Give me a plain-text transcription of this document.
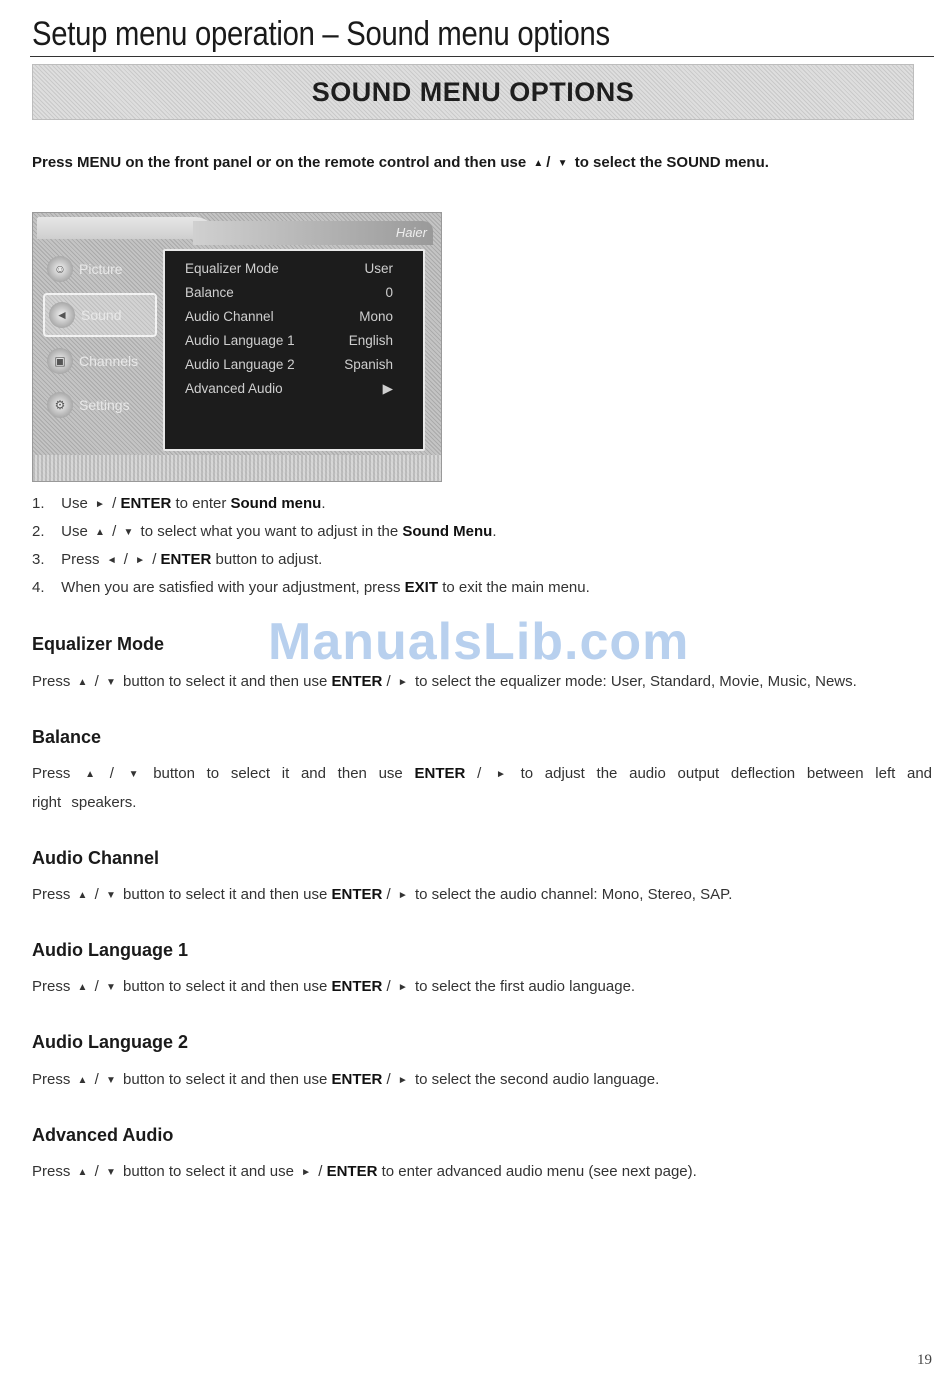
Setup menu operation – Sound menu options
SOUND MENU OPTIONS
Press MENU on the front panel or on the remote control and then use ▲ / ▼ to select the SOUND menu.
Haier
☺ Picture
◄ Sound
▣ Channels
⚙ Settings
Equalizer Mode	User
Balance	0
Audio Channel	Mono
Audio Language 1	English
Audio Language 2	Spanish
Advanced Audio	▶
1. Use ► / ENTER to enter Sound menu.
2. Use ▲ / ▼ to select what you want to adjust in the Sound Menu.
3. Press ◄ / ► / ENTER button to adjust.
4. When you are satisfied with your adjustment, press EXIT to exit the main menu.
ManualsLib.com
Equalizer Mode
Press ▲ / ▼ button to select it and then use ENTER / ► to select the equalizer mode: User, Standard, Movie, Music, News.
Balance
Press ▲ / ▼ button to select it and then use ENTER / ► to adjust the audio output deflection between left and right speakers.
Audio Channel
Press ▲ / ▼ button to select it and then use ENTER / ► to select the audio channel: Mono, Stereo, SAP.
Audio Language 1
Press ▲ / ▼ button to select it and then use ENTER / ► to select the first audio language.
Audio Language 2
Press ▲ / ▼ button to select it and then use ENTER / ► to select the second audio language.
Advanced Audio
Press ▲ / ▼ button to select it and use ► / ENTER to enter advanced audio menu (see next page).
19
